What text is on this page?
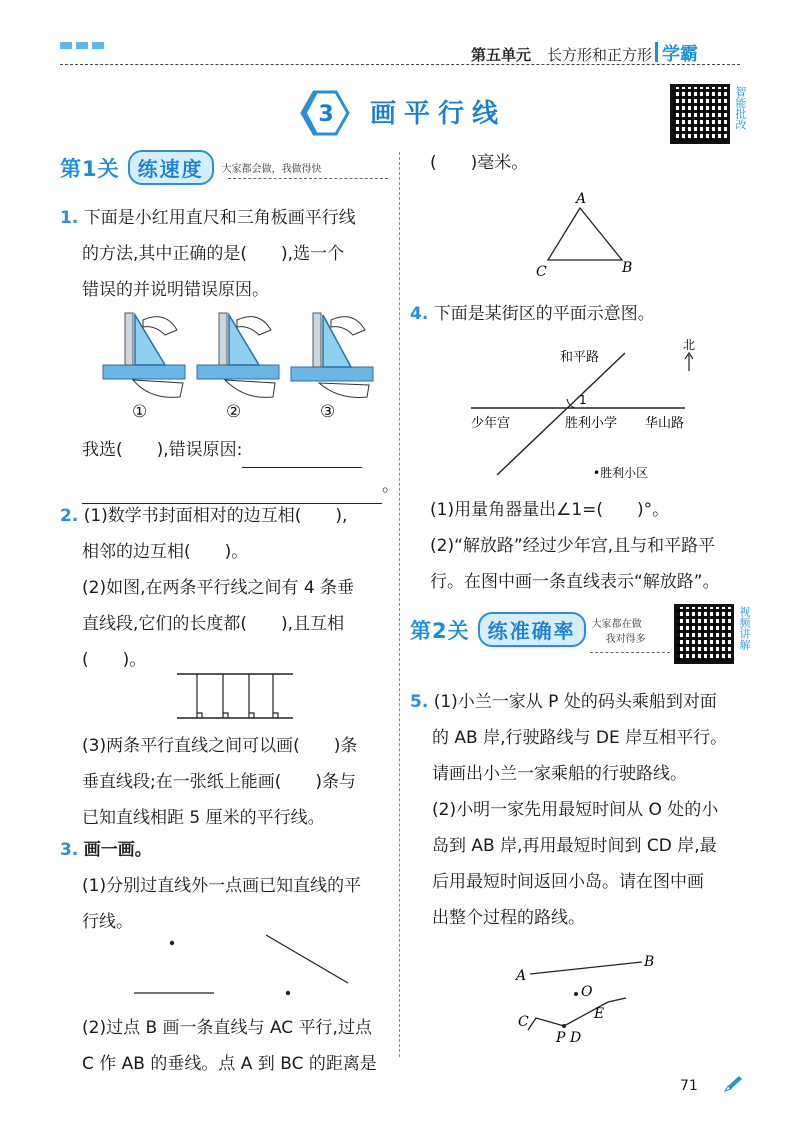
第五单元 长方形和正方形 学霸
3 画平行线	智能批改
第1关 练速度	大家都会做，我做得快
1. 下面是小红用直尺和三角板画平行线
的方法,其中正确的是(　　),选一个
错误的并说明错误原因。
①	②	③
我选(　　),错误原因:
。
2. (1)数学书封面相对的边互相(　　),
相邻的边互相(　　)。
(2)如图,在两条平行线之间有 4 条垂
直线段,它们的长度都(　　),且互相
(　　)。
(3)两条平行直线之间可以画(　　)条
垂直线段;在一张纸上能画(　　)条与
已知直线相距 5 厘米的平行线。
3. 画一画。
(1)分别过直线外一点画已知直线的平
行线。
(2)过点 B 画一条直线与 AC 平行,过点
C 作 AB 的垂线。点 A 到 BC 的距离是
(　　)毫米。
A
C	B
4. 下面是某街区的平面示意图。
北
和平路
1
少年宫	胜利小学 华山路
•胜利小区
(1)用量角器量出∠1=(　　)°。
(2)“解放路”经过少年宫,且与和平路平
行。在图中画一条直线表示“解放路”。
第2关 练准确率	大家都在做
我对得多	视频讲解
5. (1)小兰一家从 P 处的码头乘船到对面
的 AB 岸,行驶路线与 DE 岸互相平行。
请画出小兰一家乘船的行驶路线。
(2)小明一家先用最短时间从 O 处的小
岛到 AB 岸,再用最短时间到 CD 岸,最
后用最短时间返回小岛。请在图中画
出整个过程的路线。
A
B
O
C
P D
E
71
